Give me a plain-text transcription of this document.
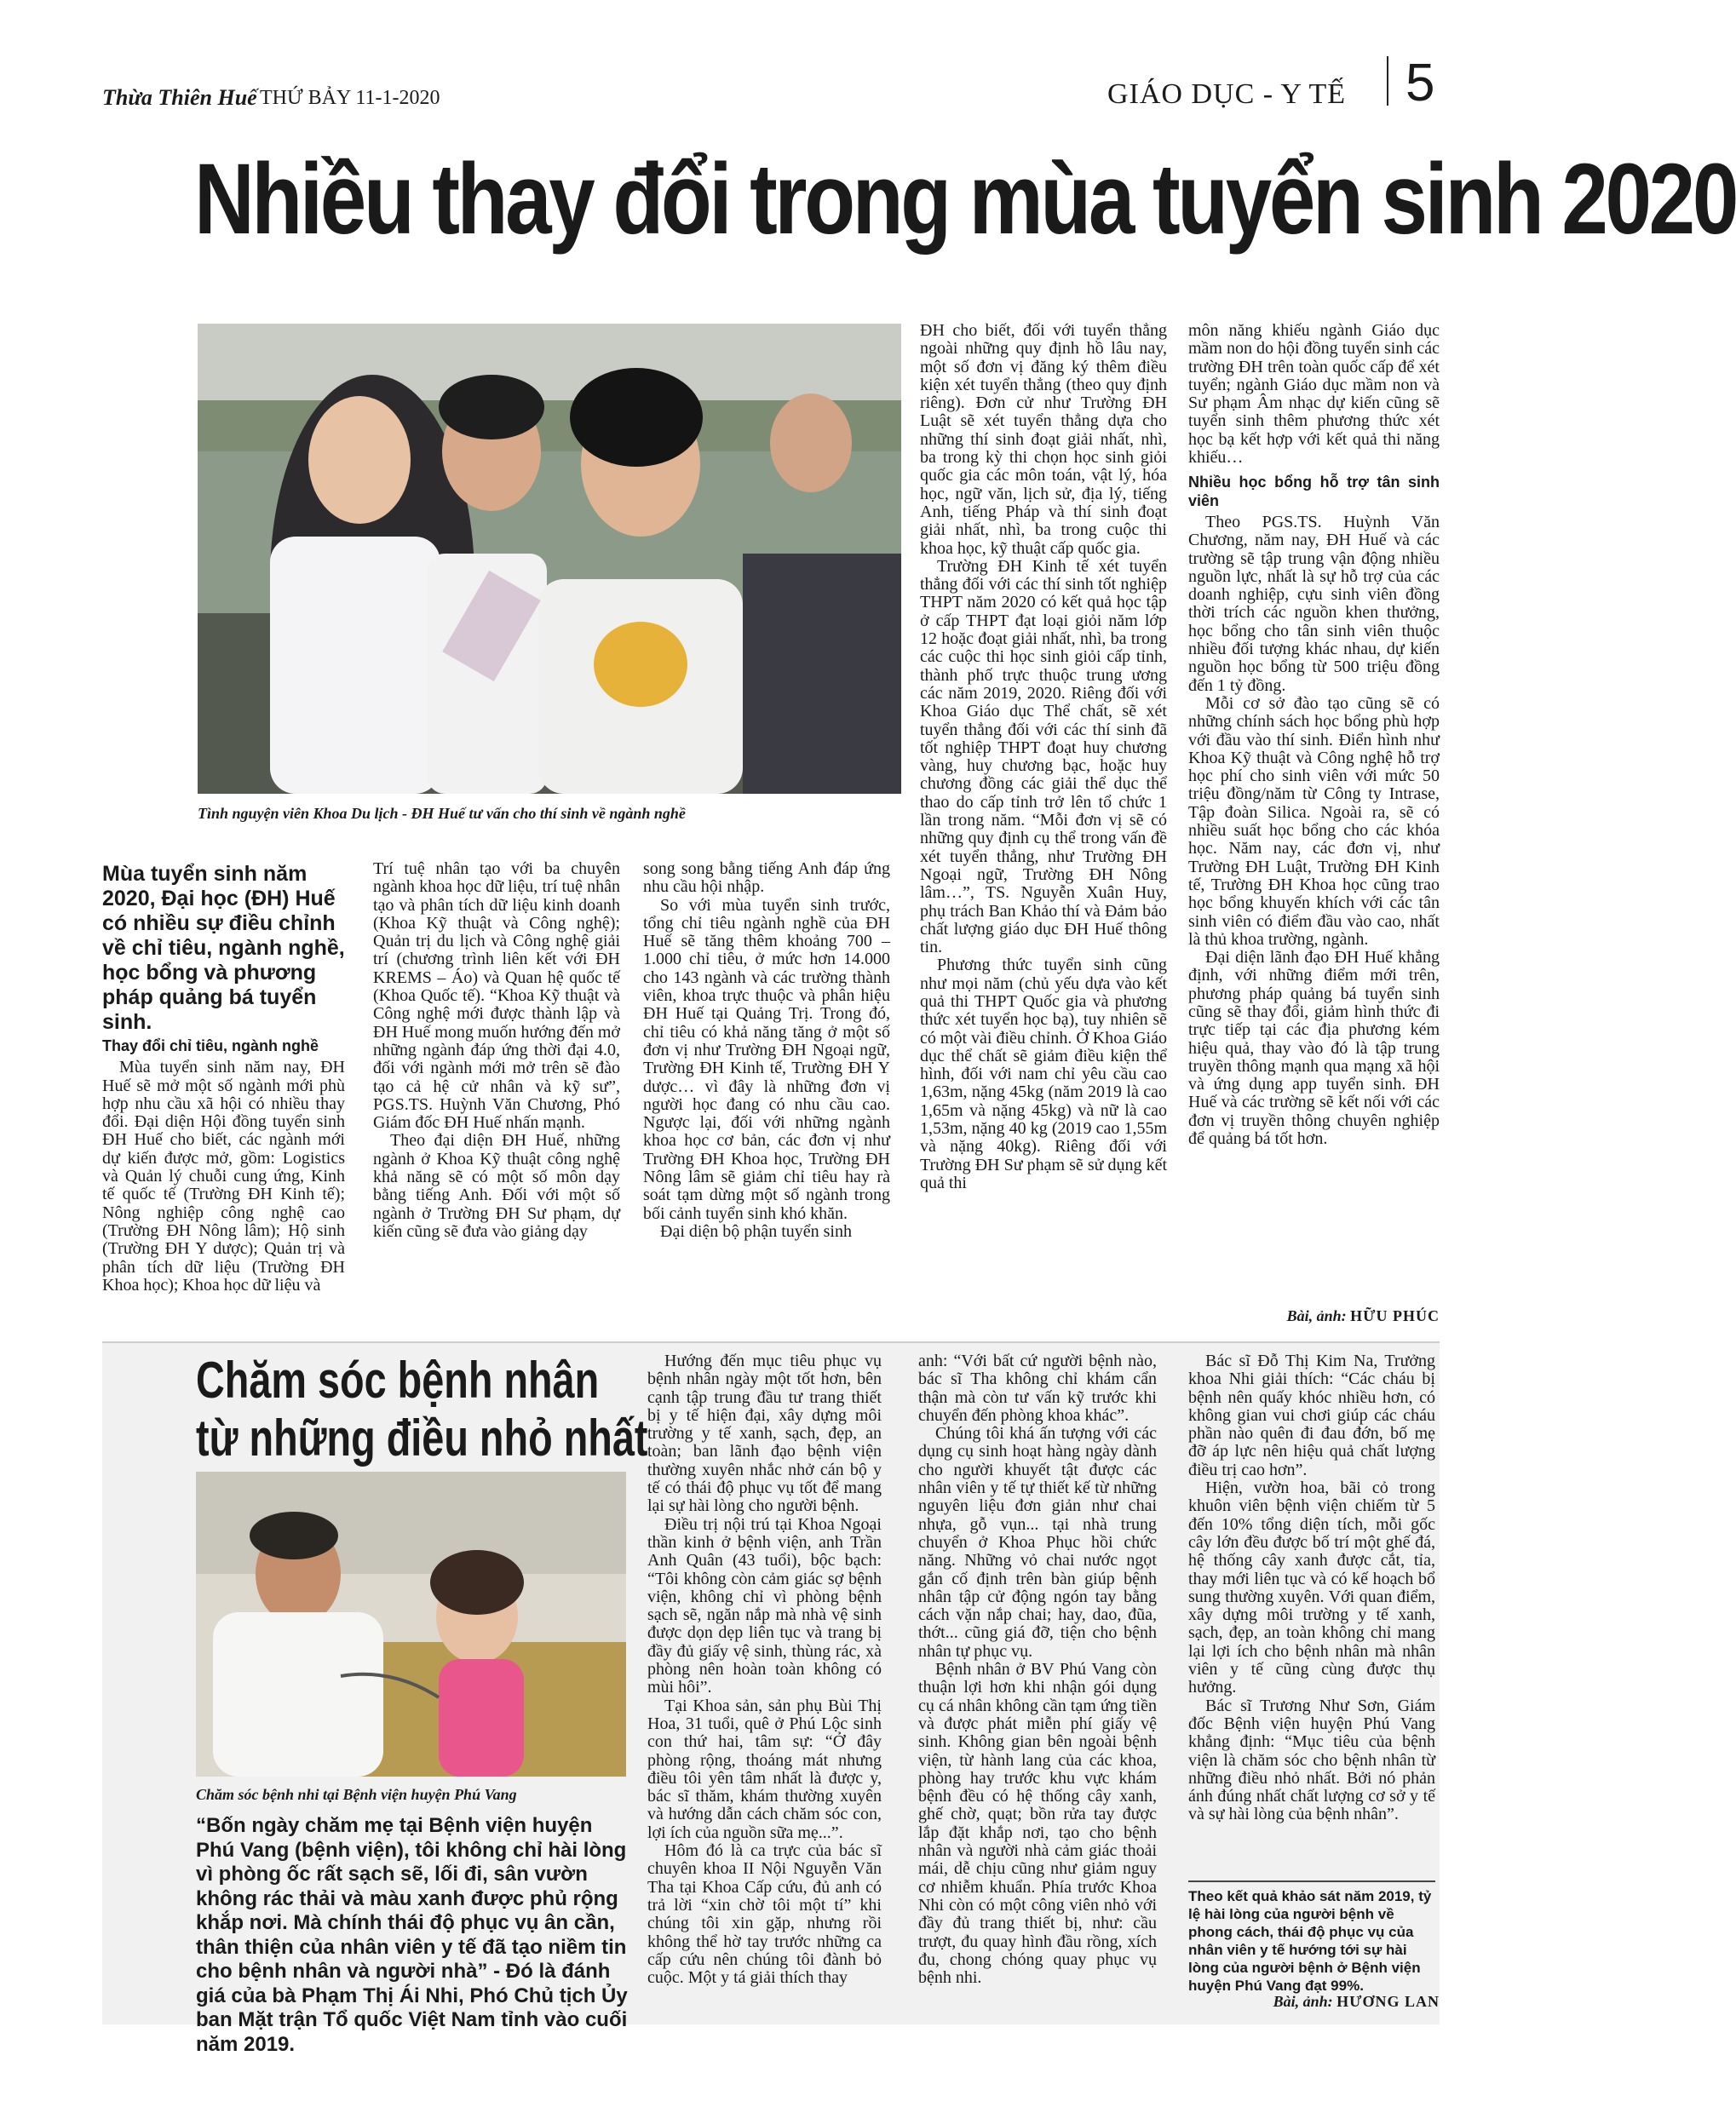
Thừa Thiên Huế THỨ BẢY 11-1-2020	GIÁO DỤC - Y TẾ 5
Nhiều thay đổi trong mùa tuyển sinh 2020
Tình nguyện viên Khoa Du lịch - ĐH Huế tư vấn cho thí sinh về ngành nghề
Mùa tuyển sinh năm 2020, Đại học (ĐH) Huế có nhiều sự điều chỉnh về chỉ tiêu, ngành nghề, học bổng và phương pháp quảng bá tuyển sinh.
Thay đổi chỉ tiêu, ngành nghề

Mùa tuyển sinh năm nay, ĐH Huế sẽ mở một số ngành mới phù hợp nhu cầu xã hội có nhiều thay đổi. Đại diện Hội đồng tuyển sinh ĐH Huế cho biết, các ngành mới dự kiến được mở, gồm: Logistics và Quản lý chuỗi cung ứng, Kinh tế quốc tế (Trường ĐH Kinh tế); Nông nghiệp công nghệ cao (Trường ĐH Nông lâm); Hộ sinh (Trường ĐH Y dược); Quản trị và phân tích dữ liệu (Trường ĐH Khoa học); Khoa học dữ liệu và

Trí tuệ nhân tạo với ba chuyên ngành khoa học dữ liệu, trí tuệ nhân tạo và phân tích dữ liệu kinh doanh (Khoa Kỹ thuật và Công nghệ); Quản trị du lịch và Công nghệ giải trí (chương trình liên kết với ĐH KREMS – Áo) và Quan hệ quốc tế (Khoa Quốc tế). “Khoa Kỹ thuật và Công nghệ mới được thành lập và ĐH Huế mong muốn hướng đến mở những ngành đáp ứng thời đại 4.0, đối với ngành mới mở trên sẽ đào tạo cả hệ cử nhân và kỹ sư”, PGS.TS. Huỳnh Văn Chương, Phó Giám đốc ĐH Huế nhấn mạnh.

Theo đại diện ĐH Huế, những ngành ở Khoa Kỹ thuật công nghệ khả năng sẽ có một số môn dạy bằng tiếng Anh. Đối với một số ngành ở Trường ĐH Sư phạm, dự kiến cũng sẽ đưa vào giảng dạy

song song bằng tiếng Anh đáp ứng nhu cầu hội nhập.

So với mùa tuyển sinh trước, tổng chỉ tiêu ngành nghề của ĐH Huế sẽ tăng thêm khoảng 700 – 1.000 chỉ tiêu, ở mức hơn 14.000 cho 143 ngành và các trường thành viên, khoa trực thuộc và phân hiệu ĐH Huế tại Quảng Trị. Trong đó, chỉ tiêu có khả năng tăng ở một số đơn vị như Trường ĐH Ngoại ngữ, Trường ĐH Kinh tế, Trường ĐH Y dược… vì đây là những đơn vị người học đang có nhu cầu cao. Ngược lại, đối với những ngành khoa học cơ bản, các đơn vị như Trường ĐH Khoa học, Trường ĐH Nông lâm sẽ giảm chỉ tiêu hay rà soát tạm dừng một số ngành trong bối cảnh tuyển sinh khó khăn.

Đại diện bộ phận tuyển sinh

ĐH cho biết, đối với tuyển thẳng ngoài những quy định hồ lâu nay, một số đơn vị đăng ký thêm điều kiện xét tuyển thẳng (theo quy định riêng). Đơn cử như Trường ĐH Luật sẽ xét tuyển thẳng dựa cho những thí sinh đoạt giải nhất, nhì, ba trong kỳ thi chọn học sinh giỏi quốc gia các môn toán, vật lý, hóa học, ngữ văn, lịch sử, địa lý, tiếng Anh, tiếng Pháp và thí sinh đoạt giải nhất, nhì, ba trong cuộc thi khoa học, kỹ thuật cấp quốc gia.

Trường ĐH Kinh tế xét tuyển thẳng đối với các thí sinh tốt nghiệp THPT năm 2020 có kết quả học tập ở cấp THPT đạt loại giỏi năm lớp 12 hoặc đoạt giải nhất, nhì, ba trong các cuộc thi học sinh giỏi cấp tỉnh, thành phố trực thuộc trung ương các năm 2019, 2020. Riêng đối với Khoa Giáo dục Thể chất, sẽ xét tuyển thẳng đối với các thí sinh đã tốt nghiệp THPT đoạt huy chương vàng, huy chương bạc, hoặc huy chương đồng các giải thể dục thể thao do cấp tỉnh trở lên tổ chức 1 lần trong năm. “Mỗi đơn vị sẽ có những quy định cụ thể trong vấn đề xét tuyển thẳng, như Trường ĐH Ngoại ngữ, Trường ĐH Nông lâm…”, TS. Nguyễn Xuân Huy, phụ trách Ban Khảo thí và Đảm bảo chất lượng giáo dục ĐH Huế thông tin.

Phương thức tuyển sinh cũng như mọi năm (chủ yếu dựa vào kết quả thi THPT Quốc gia và phương thức xét tuyển học bạ), tuy nhiên sẽ có một vài điều chỉnh. Ở Khoa Giáo dục thể chất sẽ giảm điều kiện thể hình, đối với nam chỉ yêu cầu cao 1,63m, nặng 45kg (năm 2019 là cao 1,65m và nặng 45kg) và nữ là cao 1,53m, nặng 40 kg (2019 cao 1,55m và nặng 40kg). Riêng đối với Trường ĐH Sư phạm sẽ sử dụng kết quả thi

môn năng khiếu ngành Giáo dục mầm non do hội đồng tuyển sinh các trường ĐH trên toàn quốc cấp để xét tuyển; ngành Giáo dục mầm non và Sư phạm Âm nhạc dự kiến cũng sẽ tuyển sinh thêm phương thức xét học bạ kết hợp với kết quả thi năng khiếu…

Nhiều học bổng hỗ trợ tân sinh viên

Theo PGS.TS. Huỳnh Văn Chương, năm nay, ĐH Huế và các trường sẽ tập trung vận động nhiều nguồn lực, nhất là sự hỗ trợ của các doanh nghiệp, cựu sinh viên đồng thời trích các nguồn khen thưởng, học bổng cho tân sinh viên thuộc nhiều đối tượng khác nhau, dự kiến nguồn học bổng từ 500 triệu đồng đến 1 tỷ đồng.

Mỗi cơ sở đào tạo cũng sẽ có những chính sách học bổng phù hợp với đầu vào thí sinh. Điển hình như Khoa Kỹ thuật và Công nghệ hỗ trợ học phí cho sinh viên với mức 50 triệu đồng/năm từ Công ty Intrase, Tập đoàn Silica. Ngoài ra, sẽ có nhiều suất học bổng cho các khóa học. Năm nay, các đơn vị, như Trường ĐH Luật, Trường ĐH Kinh tế, Trường ĐH Khoa học cũng trao học bổng khuyến khích với các tân sinh viên có điểm đầu vào cao, nhất là thủ khoa trường, ngành.

Đại diện lãnh đạo ĐH Huế khẳng định, với những điểm mới trên, phương pháp quảng bá tuyển sinh cũng sẽ thay đổi, giảm hình thức đi trực tiếp tại các địa phương kém hiệu quả, thay vào đó là tập trung truyền thông mạnh qua mạng xã hội và ứng dụng app tuyển sinh. ĐH Huế và các trường sẽ kết nối với các đơn vị truyền thông chuyên nghiệp để quảng bá tốt hơn.

Bài, ảnh: HỮU PHÚC
Chăm sóc bệnh nhân
từ những điều nhỏ nhất
Chăm sóc bệnh nhi tại Bệnh viện huyện Phú Vang
“Bốn ngày chăm mẹ tại Bệnh viện huyện Phú Vang (bệnh viện), tôi không chỉ hài lòng vì phòng ốc rất sạch sẽ, lối đi, sân vườn không rác thải và màu xanh được phủ rộng khắp nơi. Mà chính thái độ phục vụ ân cần, thân thiện của nhân viên y tế đã tạo niềm tin cho bệnh nhân và người nhà” - Đó là đánh giá của bà Phạm Thị Ái Nhi, Phó Chủ tịch Ủy ban Mặt trận Tổ quốc Việt Nam tỉnh vào cuối năm 2019.

Hướng đến mục tiêu phục vụ bệnh nhân ngày một tốt hơn, bên cạnh tập trung đầu tư trang thiết bị y tế hiện đại, xây dựng môi trường y tế xanh, sạch, đẹp, an toàn; ban lãnh đạo bệnh viện thường xuyên nhắc nhở cán bộ y tế có thái độ phục vụ tốt để mang lại sự hài lòng cho người bệnh.

Điều trị nội trú tại Khoa Ngoại thần kinh ở bệnh viện, anh Trần Anh Quân (43 tuổi), bộc bạch: “Tôi không còn cảm giác sợ bệnh viện, không chỉ vì phòng bệnh sạch sẽ, ngăn nắp mà nhà vệ sinh được dọn dẹp liên tục và trang bị đầy đủ giấy vệ sinh, thùng rác, xà phòng nên hoàn toàn không có mùi hôi”.

Tại Khoa sản, sản phụ Bùi Thị Hoa, 31 tuổi, quê ở Phú Lộc sinh con thứ hai, tâm sự: “Ở đây phòng rộng, thoáng mát nhưng điều tôi yên tâm nhất là được y, bác sĩ thăm, khám thường xuyên và hướng dẫn cách chăm sóc con, lợi ích của nguồn sữa mẹ...”.

Hôm đó là ca trực của bác sĩ chuyên khoa II Nội Nguyễn Văn Tha tại Khoa Cấp cứu, đủ anh có trả lời “xin chờ tôi một tí” khi chúng tôi xin gặp, nhưng rồi không thể hờ tay trước những ca cấp cứu nên chúng tôi đành bỏ cuộc. Một y tá giải thích thay

anh: “Với bất cứ người bệnh nào, bác sĩ Tha không chỉ khám cẩn thận mà còn tư vấn kỹ trước khi chuyển đến phòng khoa khác”.

Chúng tôi khá ấn tượng với các dụng cụ sinh hoạt hàng ngày dành cho người khuyết tật được các nhân viên y tế tự thiết kế từ những nguyên liệu đơn giản như chai nhựa, gỗ vụn... tại nhà trung chuyển ở Khoa Phục hồi chức năng. Những vỏ chai nước ngọt gắn cố định trên bàn giúp bệnh nhân tập cử động ngón tay bằng cách vặn nắp chai; hay, dao, đũa, thớt... cũng giá đỡ, tiện cho bệnh nhân tự phục vụ.

Bệnh nhân ở BV Phú Vang còn thuận lợi hơn khi nhận gói dụng cụ cá nhân không cần tạm ứng tiền và được phát miễn phí giấy vệ sinh. Không gian bên ngoài bệnh viện, từ hành lang của các khoa, phòng hay trước khu vực khám bệnh đều có hệ thống cây xanh, ghế chờ, quạt; bồn rửa tay được lắp đặt khắp nơi, tạo cho bệnh nhân và người nhà cảm giác thoải mái, dễ chịu cũng như giảm nguy cơ nhiễm khuẩn. Phía trước Khoa Nhi còn có một công viên nhỏ với đầy đủ trang thiết bị, như: cầu trượt, đu quay hình đầu rồng, xích đu, chong chóng quay phục vụ bệnh nhi.

Bác sĩ Đỗ Thị Kim Na, Trưởng khoa Nhi giải thích: “Các cháu bị bệnh nên quấy khóc nhiều hơn, có không gian vui chơi giúp các cháu phần nào quên đi đau đớn, bố mẹ đỡ áp lực nên hiệu quả chất lượng điều trị cao hơn”.

Hiện, vườn hoa, bãi cỏ trong khuôn viên bệnh viện chiếm từ 5 đến 10% tổng diện tích, mỗi gốc cây lớn đều được bố trí một ghế đá, hệ thống cây xanh được cắt, tỉa, thay mới liên tục và có kế hoạch bổ sung thường xuyên. Với quan điểm, xây dựng môi trường y tế xanh, sạch, đẹp, an toàn không chỉ mang lại lợi ích cho bệnh nhân mà nhân viên y tế cũng cùng được thụ hưởng.

Bác sĩ Trương Như Sơn, Giám đốc Bệnh viện huyện Phú Vang khẳng định: “Mục tiêu của bệnh viện là chăm sóc cho bệnh nhân từ những điều nhỏ nhất. Bởi nó phản ánh đúng nhất chất lượng cơ sở y tế và sự hài lòng của bệnh nhân”.

Theo kết quả khảo sát năm 2019, tỷ lệ hài lòng của người bệnh về phong cách, thái độ phục vụ của nhân viên y tế hướng tới sự hài lòng của người bệnh ở Bệnh viện huyện Phú Vang đạt 99%.
Bài, ảnh: HƯƠNG LAN
